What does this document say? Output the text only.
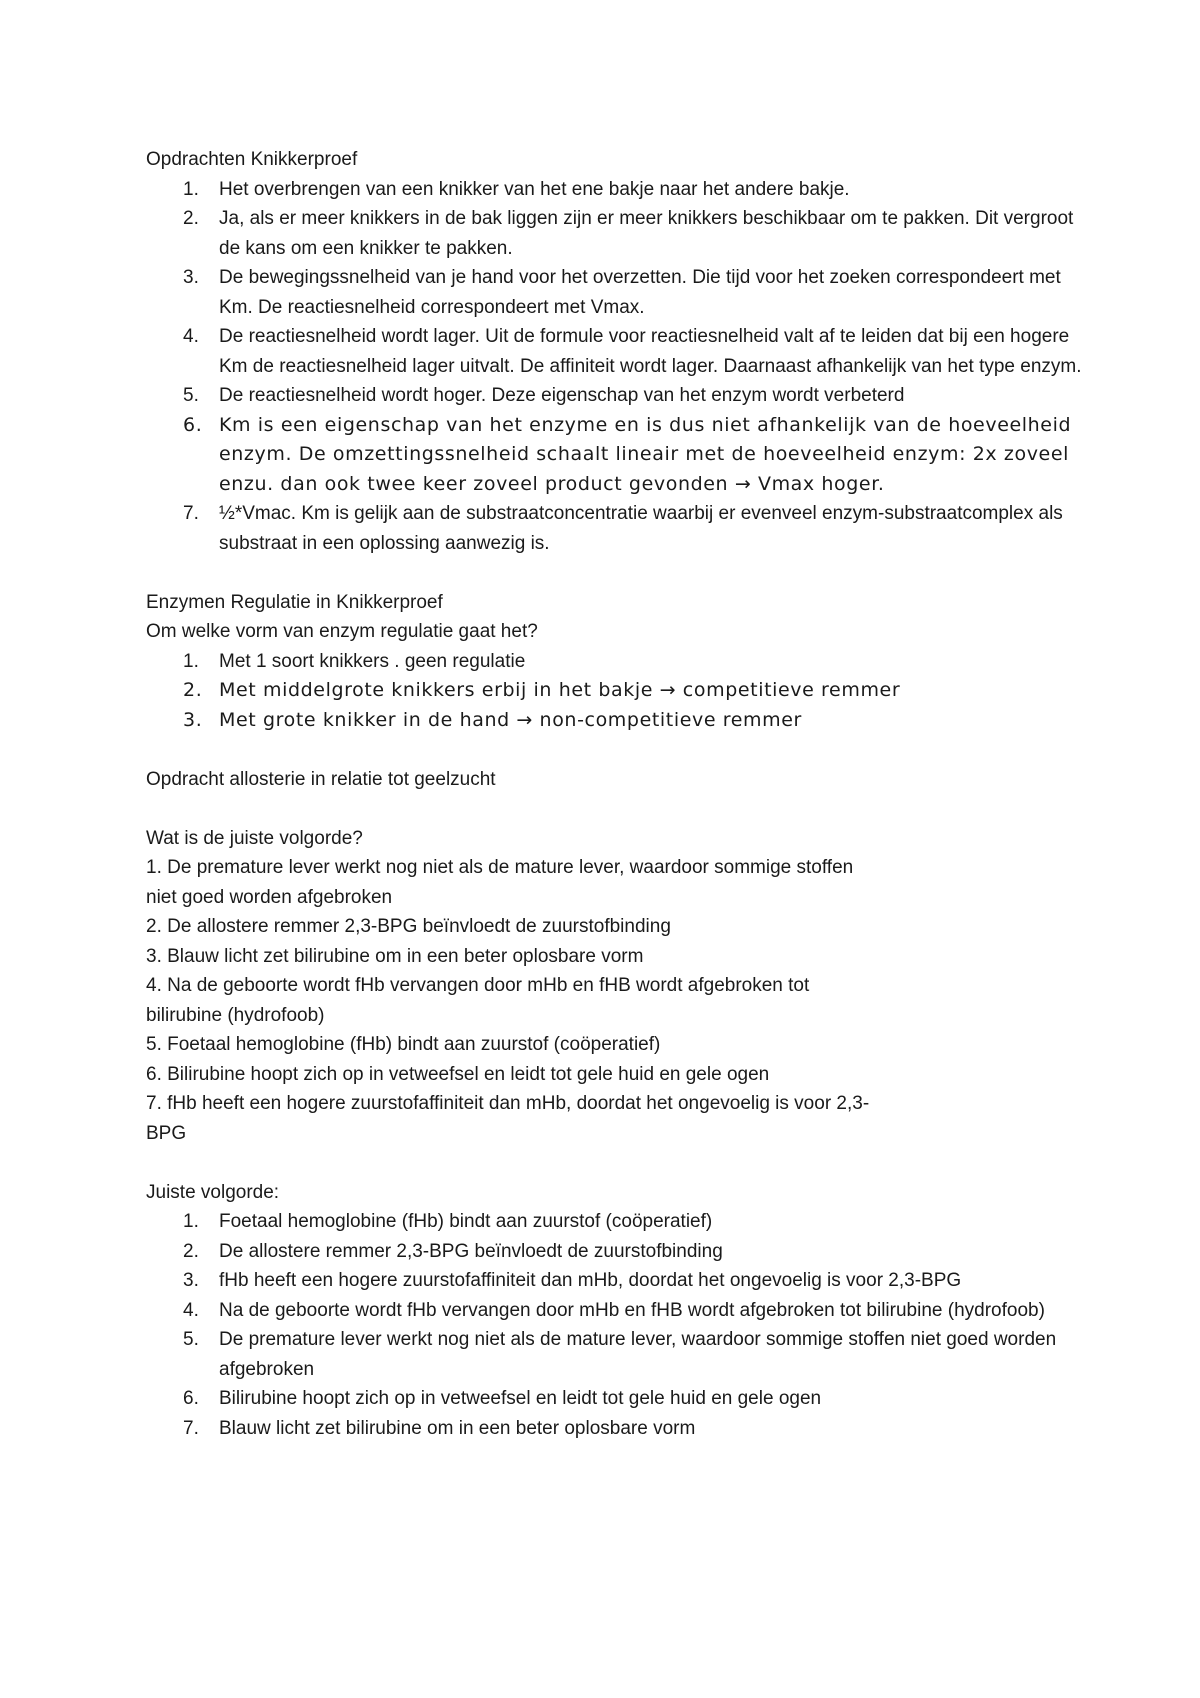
Opdrachten Knikkerproef

1.	Het overbrengen van een knikker van het ene bakje naar het andere bakje.
2.	Ja, als er meer knikkers in de bak liggen zijn er meer knikkers beschikbaar om te pakken. Dit vergroot de kans om een knikker te pakken.
3.	De bewegingssnelheid van je hand voor het overzetten. Die tijd voor het zoeken correspondeert met Km. De reactiesnelheid correspondeert met Vmax.
4.	De reactiesnelheid wordt lager. Uit de formule voor reactiesnelheid valt af te leiden dat bij een hogere Km de reactiesnelheid lager uitvalt. De affiniteit wordt lager. Daarnaast afhankelijk van het type enzym.
5.	De reactiesnelheid wordt hoger. Deze eigenschap van het enzym wordt verbeterd
6. Km is een eigenschap van het enzyme en is dus niet afhankelijk van de hoeveelheid enzym. De omzettingssnelheid schaalt lineair met de hoeveelheid enzym: 2x zoveel enzu. dan ook twee keer zoveel product gevonden → Vmax hoger.
7.	½*Vmac. Km is gelijk aan de substraatconcentratie waarbij er evenveel enzym-substraatcomplex als substraat in een oplossing aanwezig is.

Enzymen Regulatie in Knikkerproef

Om welke vorm van enzym regulatie gaat het?

1.	Met 1 soort knikkers . geen regulatie
2. Met middelgrote knikkers erbij in het bakje → competitieve remmer
3. Met grote knikker in de hand → non-competitieve remmer

Opdracht allosterie in relatie tot geelzucht

Wat is de juiste volgorde?

1. De premature lever werkt nog niet als de mature lever, waardoor sommige stoffen

niet goed worden afgebroken

2. De allostere remmer 2,3-BPG beïnvloedt de zuurstofbinding

3. Blauw licht zet bilirubine om in een beter oplosbare vorm

4. Na de geboorte wordt fHb vervangen door mHb en fHB wordt afgebroken tot

bilirubine (hydrofoob)

5. Foetaal hemoglobine (fHb) bindt aan zuurstof (coöperatief)

6. Bilirubine hoopt zich op in vetweefsel en leidt tot gele huid en gele ogen

7. fHb heeft een hogere zuurstofaffiniteit dan mHb, doordat het ongevoelig is voor 2,3-

BPG

Juiste volgorde:

1.	Foetaal hemoglobine (fHb) bindt aan zuurstof (coöperatief)
2.	De allostere remmer 2,3-BPG beïnvloedt de zuurstofbinding
3.	fHb heeft een hogere zuurstofaffiniteit dan mHb, doordat het ongevoelig is voor 2,3-BPG
4.	Na de geboorte wordt fHb vervangen door mHb en fHB wordt afgebroken tot bilirubine (hydrofoob)
5.	De premature lever werkt nog niet als de mature lever, waardoor sommige stoffen niet goed worden afgebroken
6.	Bilirubine hoopt zich op in vetweefsel en leidt tot gele huid en gele ogen
7.	Blauw licht zet bilirubine om in een beter oplosbare vorm
